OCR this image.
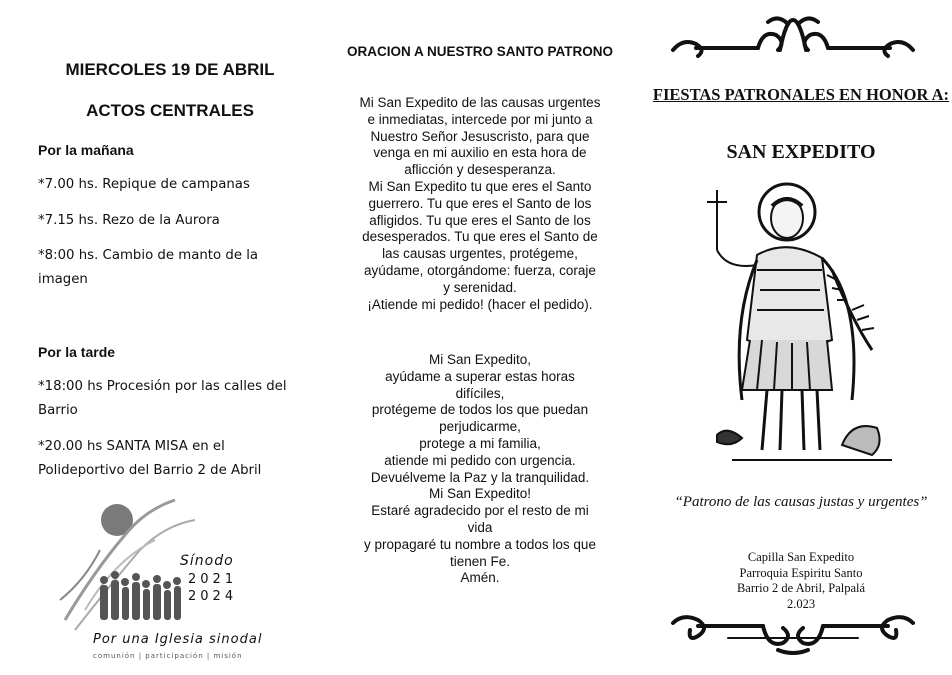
MIERCOLES 19 DE ABRIL
ACTOS CENTRALES
Por la mañana
*7.00 hs. Repique de campanas
*7.15 hs. Rezo de la Aurora
*8:00 hs. Cambio de manto de la imagen
Por la tarde
*18:00 hs Procesión por las calles del Barrio
*20.00 hs SANTA MISA en el Polideportivo del Barrio 2 de Abril
Sínodo
2021
2024
Por una Iglesia sinodal
comunión | participación | misión
ORACION A NUESTRO SANTO PATRONO
Mi San Expedito de las causas urgentes
e inmediatas, intercede por mi junto a
Nuestro Señor Jesuscristo, para que
venga en mi auxilio en esta hora de
aflicción y desesperanza.
Mi San Expedito tu que eres el Santo
guerrero. Tu que eres el Santo de los
afligidos. Tu que eres el Santo de los
desesperados. Tu que eres el Santo de
las causas urgentes, protégeme,
ayúdame, otorgándome: fuerza, coraje
y serenidad.
¡Atiende mi pedido! (hacer el pedido).
Mi San Expedito,
ayúdame a superar estas horas
difíciles,
protégeme de todos los que puedan
perjudicarme,
protege a mi familia,
atiende mi pedido con urgencia.
Devuélveme la Paz y la tranquilidad.
Mi San Expedito!
Estaré agradecido por el resto de mi
vida
y propagaré tu nombre a todos los que
tienen Fe.
Amén.
FIESTAS PATRONALES EN HONOR A:
SAN EXPEDITO
“Patrono de las causas justas y urgentes”
Capilla San Expedito
Parroquia Espiritu Santo
Barrio 2 de Abril, Palpalá
2.023
